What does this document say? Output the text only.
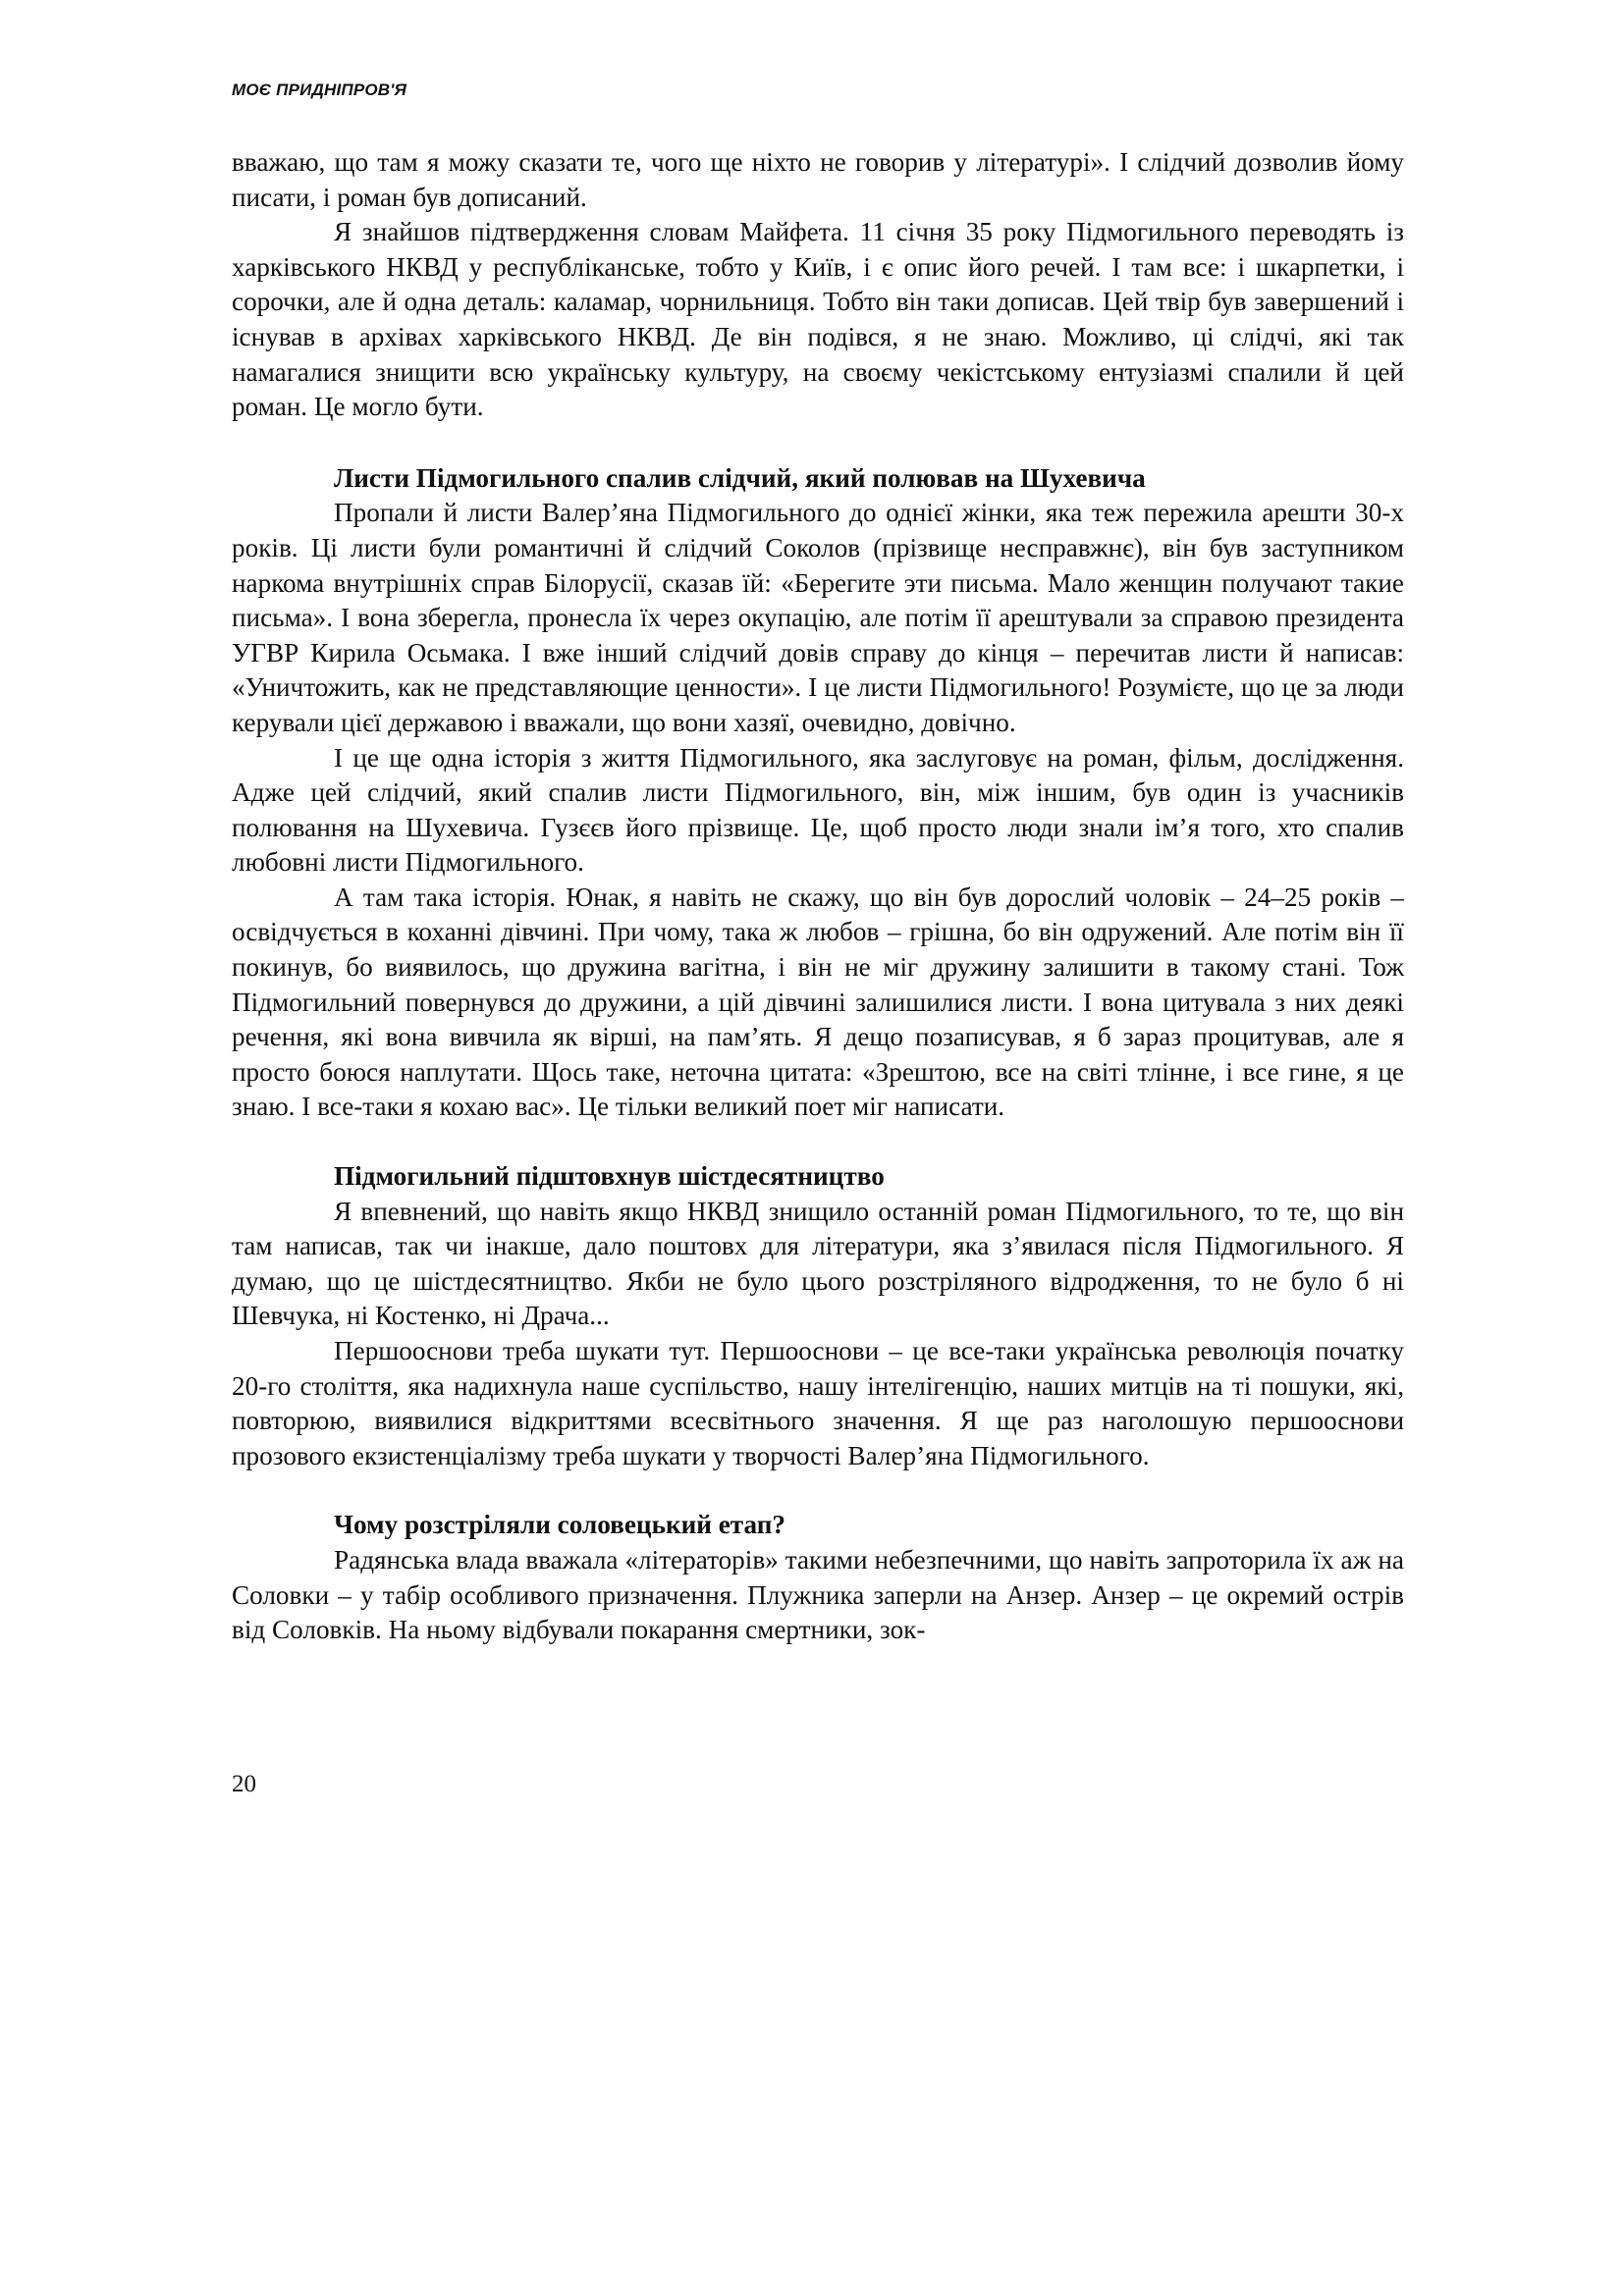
МОЄ ПРИДНІПРОВ'Я

вважаю, що там я можу сказати те, чого ще ніхто не говорив у літературі». І слідчий дозволив йому писати, і роман був дописаний.

Я знайшов підтвердження словам Майфета. 11 січня 35 року Підмогильного переводять із харківського НКВД у республіканське, тобто у Київ, і є опис його речей. І там все: і шкарпетки, і сорочки, але й одна деталь: каламар, чорнильниця. Тобто він таки дописав. Цей твір був завершений і існував в архівах харківського НКВД. Де він подівся, я не знаю. Можливо, ці слідчі, які так намагалися знищити всю українську культуру, на своєму чекістському ентузіазмі спалили й цей роман. Це могло бути.

Листи Підмогильного спалив слідчий, який полював на Шухевича

Пропали й листи Валер’яна Підмогильного до однієї жінки, яка теж пережила арешти 30-х років. Ці листи були романтичні й слідчий Соколов (прізвище несправжнє), він був заступником наркома внутрішніх справ Білорусії, сказав їй: «Берегите эти письма. Мало женщин получают такие письма». І вона зберегла, пронесла їх через окупацію, але потім її арештували за справою президента УГВР Кирила Осьмака. І вже інший слідчий довів справу до кінця – перечитав листи й написав: «Уничтожить, как не представляющие ценности». І це листи Підмогильного! Розумієте, що це за люди керували цієї державою і вважали, що вони хазяї, очевидно, довічно.

І це ще одна історія з життя Підмогильного, яка заслуговує на роман, фільм, дослідження. Адже цей слідчий, який спалив листи Підмогильного, він, між іншим, був один із учасників полювання на Шухевича. Гузєєв його прізвище. Це, щоб просто люди знали ім’я того, хто спалив любовні листи Підмогильного.

А там така історія. Юнак, я навіть не скажу, що він був дорослий чоловік – 24–25 років – освідчується в коханні дівчині. При чому, така ж любов – грішна, бо він одружений. Але потім він її покинув, бо виявилось, що дружина вагітна, і він не міг дружину залишити в такому стані. Тож Підмогильний повернувся до дружини, а цій дівчині залишилися листи. І вона цитувала з них деякі речення, які вона вивчила як вірші, на пам’ять. Я дещо позаписував, я б зараз процитував, але я просто боюся наплутати. Щось таке, неточна цитата: «Зрештою, все на світі тлінне, і все гине, я це знаю. І все-таки я кохаю вас». Це тільки великий поет міг написати.

Підмогильний підштовхнув шістдесятництво

Я впевнений, що навіть якщо НКВД знищило останній роман Підмогильного, то те, що він там написав, так чи інакше, дало поштовх для літератури, яка з’явилася після Підмогильного. Я думаю, що це шістдесятництво. Якби не було цього розстріляного відродження, то не було б ні Шевчука, ні Костенко, ні Драча...

Першооснови треба шукати тут. Першооснови – це все-таки українська революція початку 20-го століття, яка надихнула наше суспільство, нашу інтелігенцію, наших митців на ті пошуки, які, повторюю, виявилися відкриттями всесвітнього значення. Я ще раз наголошую першооснови прозового екзистенціалізму треба шукати у творчості Валер’яна Підмогильного.

Чому розстріляли соловецький етап?

Радянська влада вважала «літераторів» такими небезпечними, що навіть запроторила їх аж на Соловки – у табір особливого призначення. Плужника заперли на Анзер. Анзер – це окремий острів від Соловків. На ньому відбували покарання смертники, зок-

20
